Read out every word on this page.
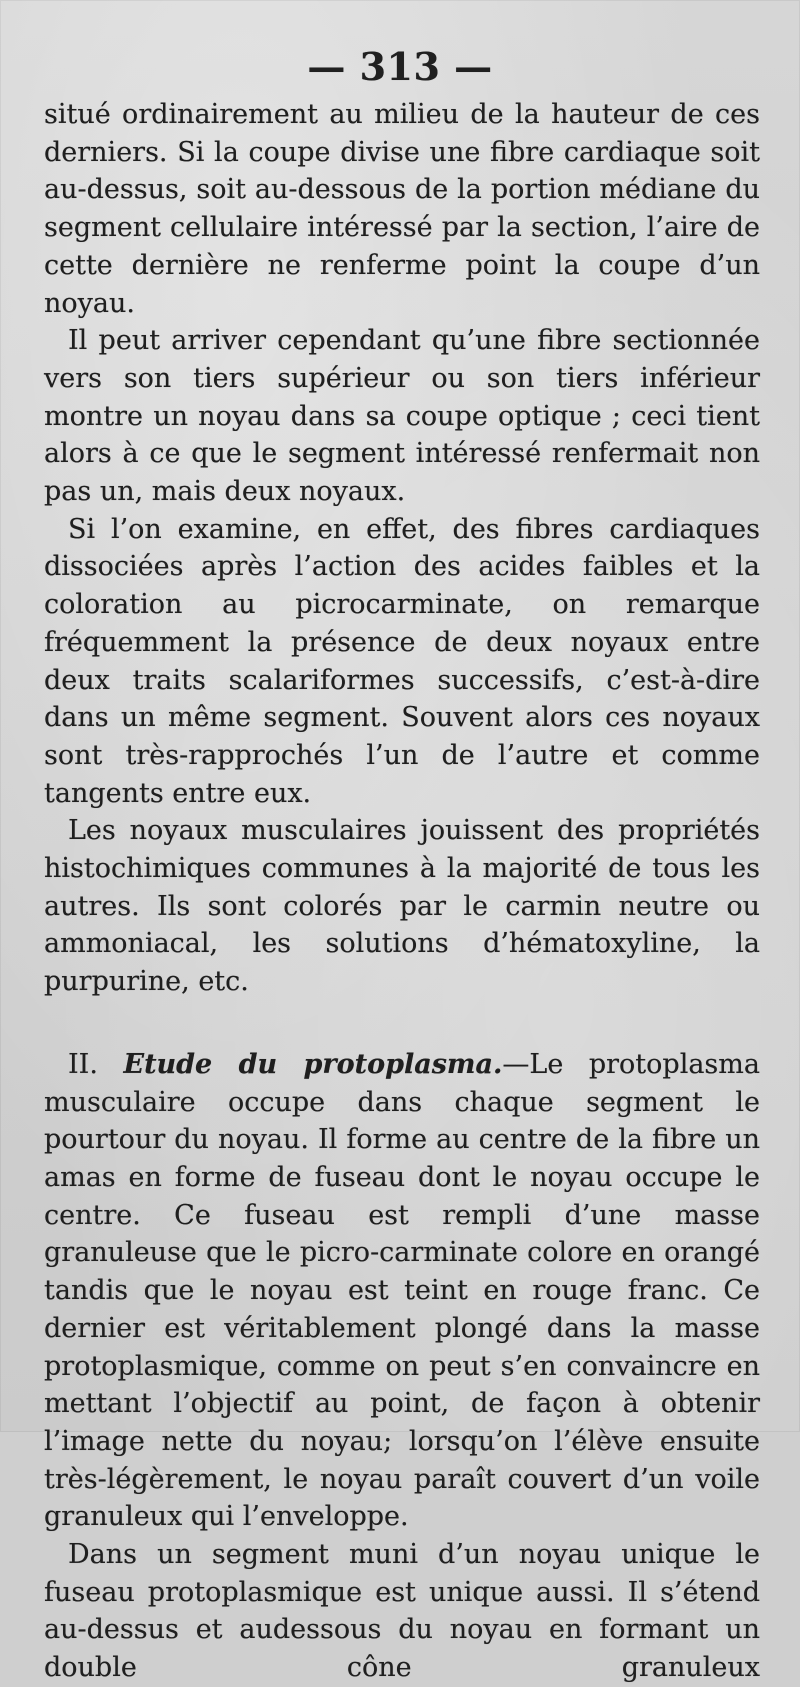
— 313 —

situé ordinairement au milieu de la hauteur de ces derniers. Si la coupe divise une fibre cardiaque soit au-dessus, soit au-dessous de la portion médiane du segment cellulaire intéressé par la section, l’aire de cette dernière ne renferme point la coupe d’un noyau.

Il peut arriver cependant qu’une fibre sectionnée vers son tiers supérieur ou son tiers inférieur montre un noyau dans sa coupe optique ; ceci tient alors à ce que le segment intéressé renfermait non pas un, mais deux noyaux.

Si l’on examine, en effet, des fibres cardiaques dissociées après l’action des acides faibles et la coloration au picrocarminate, on remarque fréquemment la présence de deux noyaux entre deux traits scalariformes successifs, c’est-à-dire dans un même segment. Souvent alors ces noyaux sont très-rapprochés l’un de l’autre et comme tangents entre eux.

Les noyaux musculaires jouissent des propriétés histochimiques communes à la majorité de tous les autres. Ils sont colorés par le carmin neutre ou ammoniacal, les solutions d’hématoxyline, la purpurine, etc.

II. Etude du protoplasma.—Le protoplasma musculaire occupe dans chaque segment le pourtour du noyau. Il forme au centre de la fibre un amas en forme de fuseau dont le noyau occupe le centre. Ce fuseau est rempli d’une masse granuleuse que le picro-carminate colore en orangé tandis que le noyau est teint en rouge franc. Ce dernier est véritablement plongé dans la masse protoplasmique, comme on peut s’en convaincre en mettant l’objectif au point, de façon à obtenir l’image nette du noyau; lorsqu’on l’élève ensuite très-légèrement, le noyau paraît couvert d’un voile granuleux qui l’enveloppe.

Dans un segment muni d’un noyau unique le fuseau protoplasmique est unique aussi. Il s’étend au-dessus et audessous du noyau en formant un double cône granuleux
